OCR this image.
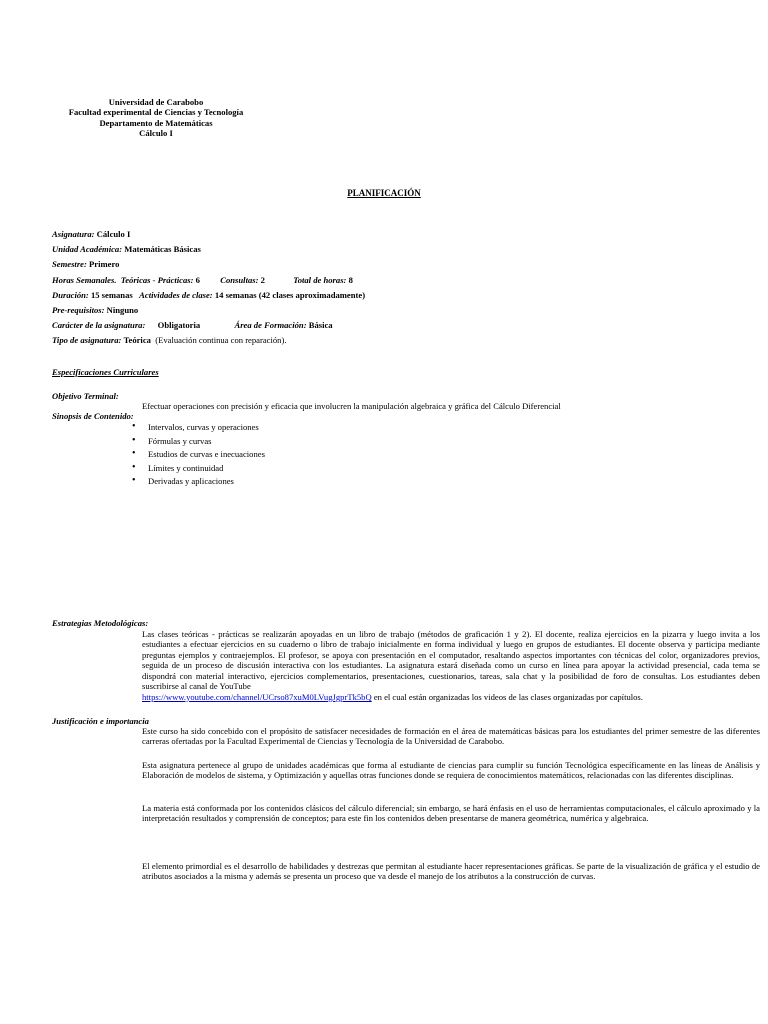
Universidad de Carabobo
Facultad experimental de Ciencias y Tecnología
Departamento de Matemáticas
Cálculo I
PLANIFICACIÓN
Asignatura: Cálculo I
Unidad Académica: Matemáticas Básicas
Semestre: Primero
Horas Semanales. Teóricas - Prácticas: 6 Consultas: 2	Total de horas: 8
Duración: 15 semanas Actividades de clase: 14 semanas (42 clases aproximadamente)
Pre-requisitos: Ninguno
Carácter de la asignatura: Obligatoria	Área de Formación: Básica
Tipo de asignatura: Teórica (Evaluación continua con reparación).
Especificaciones Curriculares
Objetivo Terminal:
Efectuar operaciones con precisión y eficacia que involucren la manipulación algebraica y gráfica del Cálculo Diferencial
Sinopsis de Contenido:
• Intervalos, curvas y operaciones
• Fórmulas y curvas
• Estudios de curvas e inecuaciones
• Límites y continuidad
• Derivadas y aplicaciones
Estrategias Metodológicas:
Las clases teóricas - prácticas se realizarán apoyadas en un libro de trabajo (métodos de graficación 1 y 2). El docente, realiza ejercicios en la pizarra y luego invita a los estudiantes a efectuar ejercicios en su cuaderno o libro de trabajo inicialmente en forma individual y luego en grupos de estudiantes. El docente observa y participa mediante preguntas ejemplos y contraejemplos. El profesor, se apoya con presentación en el computador, resaltando aspectos importantes con técnicas del color, organizadores previos, seguida de un proceso de discusión interactiva con los estudiantes. La asignatura estará diseñada como un curso en línea para apoyar la actividad presencial, cada tema se dispondrá con material interactivo, ejercicios complementarios, presentaciones, cuestionarios, tareas, sala chat y la posibilidad de foro de consultas. Los estudiantes deben suscribirse al canal de YouTube
https://www.youtube.com/channel/UCrso87xuM0LVugJgprTk5bQ en el cual están organizadas los videos de las clases organizadas por capítulos.
Justificación e importancia
Este curso ha sido concebido con el propósito de satisfacer necesidades de formación en el área de matemáticas básicas para los estudiantes del primer semestre de las diferentes carreras ofertadas por la Facultad Experimental de Ciencias y Tecnología de la Universidad de Carabobo.
Esta asignatura pertenece al grupo de unidades académicas que forma al estudiante de ciencias para cumplir su función Tecnológica específicamente en las líneas de Análisis y Elaboración de modelos de sistema, y Optimización y aquellas otras funciones donde se requiera de conocimientos matemáticos, relacionadas con las diferentes disciplinas.
La materia está conformada por los contenidos clásicos del cálculo diferencial; sin embargo, se hará énfasis en el uso de herramientas computacionales, el cálculo aproximado y la interpretación resultados y comprensión de conceptos; para este fin los contenidos deben presentarse de manera geométrica, numérica y algebraica.
El elemento primordial es el desarrollo de habilidades y destrezas que permitan al estudiante hacer representaciones gráficas. Se parte de la visualización de gráfica y el estudio de atributos asociados a la misma y además se presenta un proceso que va desde el manejo de los atributos a la construcción de curvas.
